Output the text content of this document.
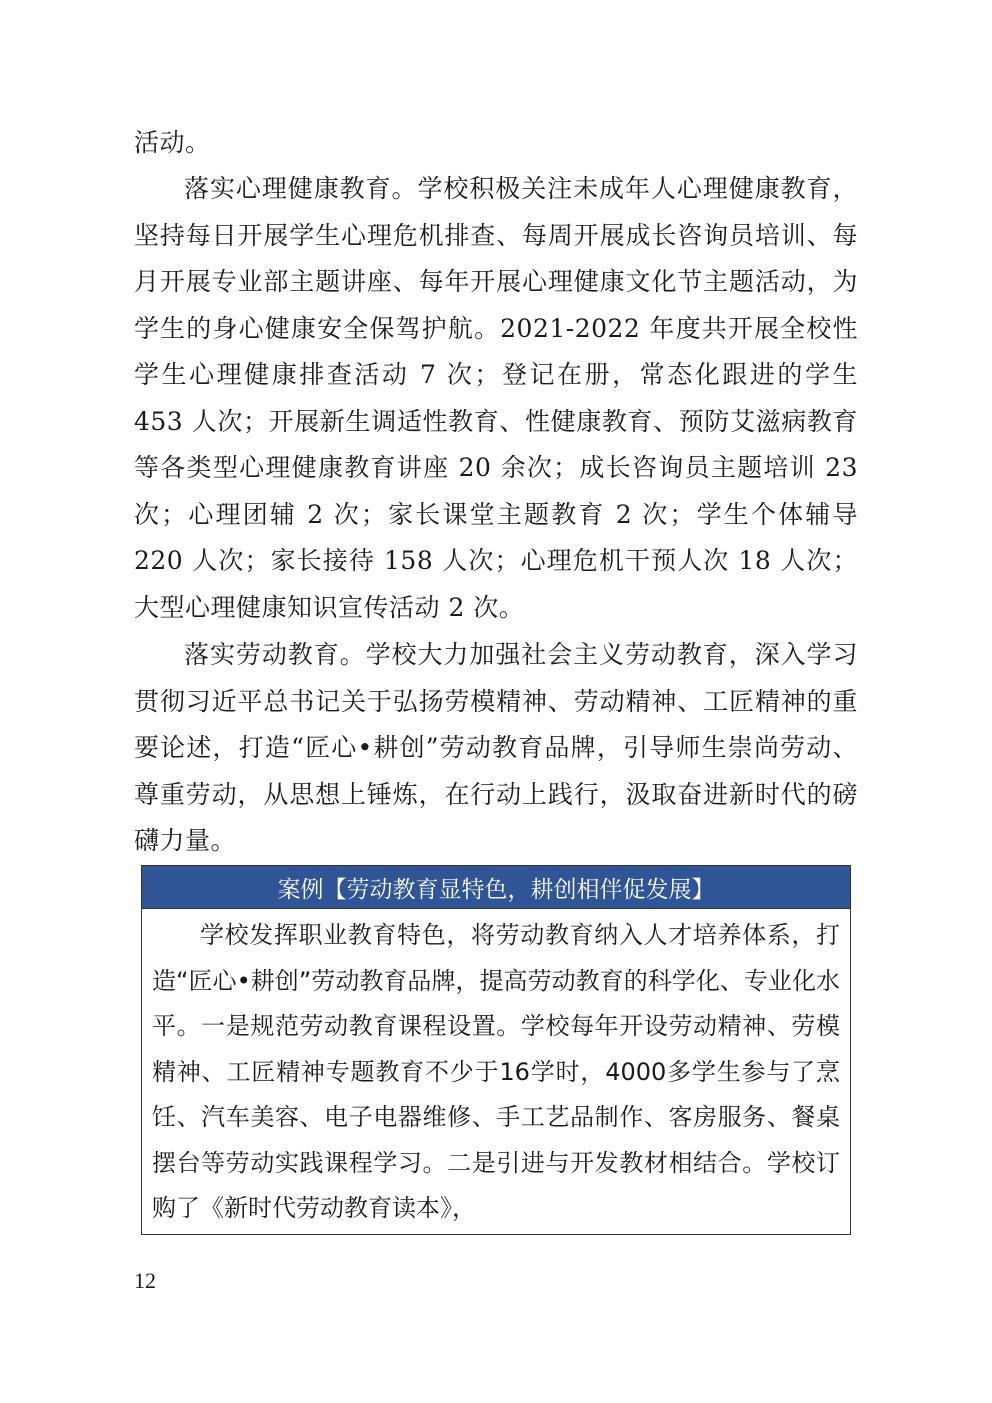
活动。

落实心理健康教育。学校积极关注未成年人心理健康教育，坚持每日开展学生心理危机排查、每周开展成长咨询员培训、每月开展专业部主题讲座、每年开展心理健康文化节主题活动，为学生的身心健康安全保驾护航。2021-2022 年度共开展全校性学生心理健康排查活动 7 次；登记在册，常态化跟进的学生 453 人次；开展新生调适性教育、性健康教育、预防艾滋病教育等各类型心理健康教育讲座 20 余次；成长咨询员主题培训 23 次；心理团辅 2 次；家长课堂主题教育 2 次；学生个体辅导 220 人次；家长接待 158 人次；心理危机干预人次 18 人次；大型心理健康知识宣传活动 2 次。

落实劳动教育。学校大力加强社会主义劳动教育，深入学习贯彻习近平总书记关于弘扬劳模精神、劳动精神、工匠精神的重要论述，打造“匠心•耕创”劳动教育品牌，引导师生崇尚劳动、尊重劳动，从思想上锤炼，在行动上践行，汲取奋进新时代的磅礴力量。

案例【劳动教育显特色，耕创相伴促发展】
学校发挥职业教育特色，将劳动教育纳入人才培养体系，打造“匠心•耕创”劳动教育品牌，提高劳动教育的科学化、专业化水平。一是规范劳动教育课程设置。学校每年开设劳动精神、劳模精神、工匠精神专题教育不少于16学时，4000多学生参与了烹饪、汽车美容、电子电器维修、手工艺品制作、客房服务、餐桌摆台等劳动实践课程学习。二是引进与开发教材相结合。学校订购了《新时代劳动教育读本》，
12
